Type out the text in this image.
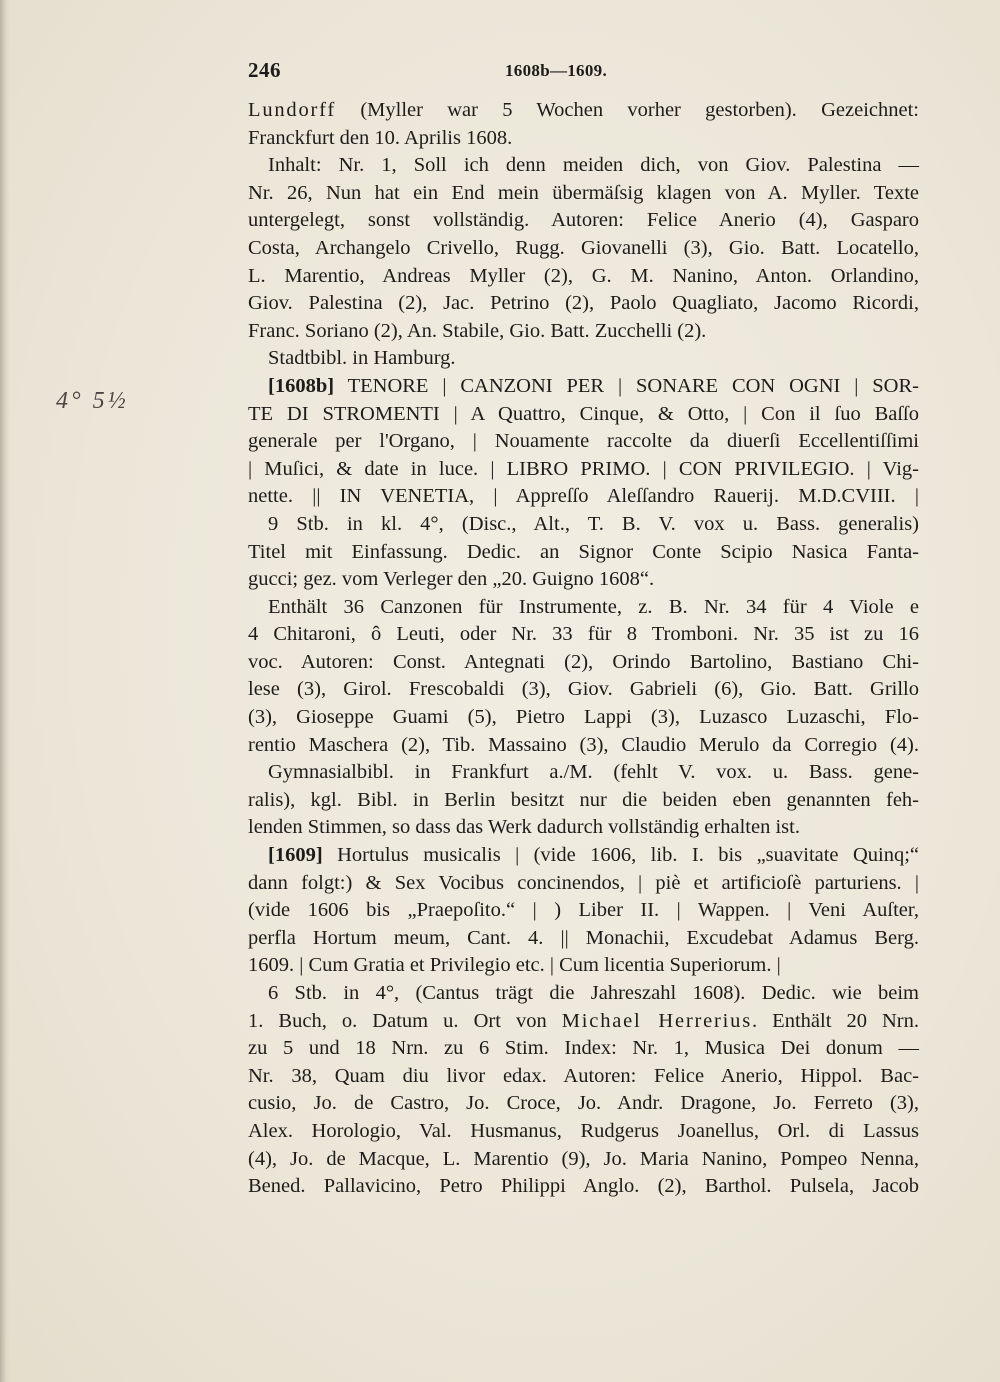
246	1608b—1609.
4° 5½
Lundorff (Myller war 5 Wochen vorher gestorben). Gezeichnet:
Franckfurt den 10. Aprilis 1608.
Inhalt: Nr. 1, Soll ich denn meiden dich, von Giov. Palestina —
Nr. 26, Nun hat ein End mein übermäſsig klagen von A. Myller. Texte
untergelegt, sonst vollständig. Autoren: Felice Anerio (4), Gasparo
Costa, Archangelo Crivello, Rugg. Giovanelli (3), Gio. Batt. Locatello,
L. Marentio, Andreas Myller (2), G. M. Nanino, Anton. Orlandino,
Giov. Palestina (2), Jac. Petrino (2), Paolo Quagliato, Jacomo Ricordi,
Franc. Soriano (2), An. Stabile, Gio. Batt. Zucchelli (2).
Stadtbibl. in Hamburg.
[1608b] TENORE | CANZONI PER | SONARE CON OGNI | SOR-
TE DI STROMENTI | A Quattro, Cinque, & Otto, | Con il ſuo Baſſo
generale per l'Organo, | Nouamente raccolte da diuerſi Eccellentiſſimi
| Muſici, & date in luce. | LIBRO PRIMO. | CON PRIVILEGIO. | Vig-
nette. || IN VENETIA, | Appreſſo Aleſſandro Rauerij. M.D.CVIII. |
9 Stb. in kl. 4°, (Disc., Alt., T. B. V. vox u. Bass. generalis)
Titel mit Einfassung. Dedic. an Signor Conte Scipio Nasica Fanta-
gucci; gez. vom Verleger den „20. Guigno 1608“.
Enthält 36 Canzonen für Instrumente, z. B. Nr. 34 für 4 Viole e
4 Chitaroni, ô Leuti, oder Nr. 33 für 8 Tromboni. Nr. 35 ist zu 16
voc. Autoren: Const. Antegnati (2), Orindo Bartolino, Bastiano Chi-
lese (3), Girol. Frescobaldi (3), Giov. Gabrieli (6), Gio. Batt. Grillo
(3), Gioseppe Guami (5), Pietro Lappi (3), Luzasco Luzaschi, Flo-
rentio Maschera (2), Tib. Massaino (3), Claudio Merulo da Corregio (4).
Gymnasialbibl. in Frankfurt a./M. (fehlt V. vox. u. Bass. gene-
ralis), kgl. Bibl. in Berlin besitzt nur die beiden eben genannten feh-
lenden Stimmen, so dass das Werk dadurch vollständig erhalten ist.
[1609] Hortulus musicalis | (vide 1606, lib. I. bis „suavitate Quinq;“
dann folgt:) & Sex Vocibus concinendos, | piè et artificioſè parturiens. |
(vide 1606 bis „Praepoſito.“ | ) Liber II. | Wappen. | Veni Auſter,
perfla Hortum meum, Cant. 4. || Monachii, Excudebat Adamus Berg.
1609. | Cum Gratia et Privilegio etc. | Cum licentia Superiorum. |
6 Stb. in 4°, (Cantus trägt die Jahreszahl 1608). Dedic. wie beim
1. Buch, o. Datum u. Ort von Michael Herrerius. Enthält 20 Nrn.
zu 5 und 18 Nrn. zu 6 Stim. Index: Nr. 1, Musica Dei donum —
Nr. 38, Quam diu livor edax. Autoren: Felice Anerio, Hippol. Bac-
cusio, Jo. de Castro, Jo. Croce, Jo. Andr. Dragone, Jo. Ferreto (3),
Alex. Horologio, Val. Husmanus, Rudgerus Joanellus, Orl. di Lassus
(4), Jo. de Macque, L. Marentio (9), Jo. Maria Nanino, Pompeo Nenna,
Bened. Pallavicino, Petro Philippi Anglo. (2), Barthol. Pulsela, Jacob
